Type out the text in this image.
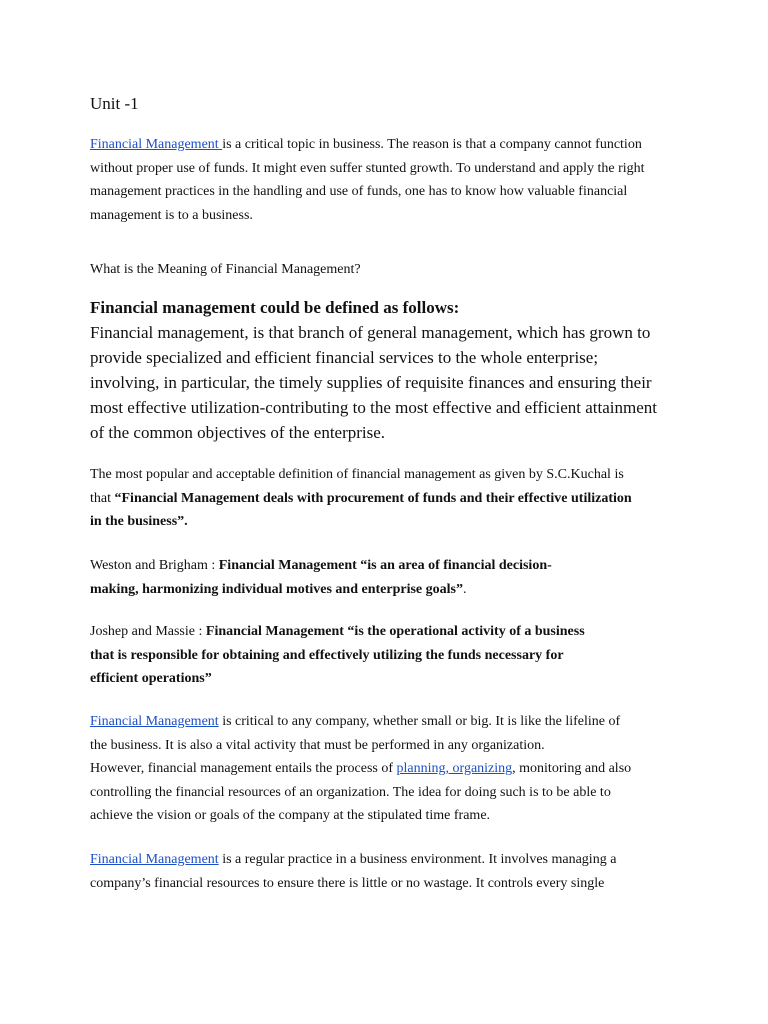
Unit -1
Financial Management is a critical topic in business. The reason is that a company cannot function without proper use of funds. It might even suffer stunted growth. To understand and apply the right management practices in the handling and use of funds, one has to know how valuable financial management is to a business.
What is the Meaning of Financial Management?
Financial management could be defined as follows:
Financial management, is that branch of general management, which has grown to
provide specialized and efficient financial services to the whole enterprise;
involving, in particular, the timely supplies of requisite finances and ensuring their
most effective utilization-contributing to the most effective and efficient attainment
of the common objectives of the enterprise.
The most popular and acceptable definition of financial management as given by S.C.Kuchal is
that “Financial Management deals with procurement of funds and their effective utilization
in the business”.
Weston and Brigham : Financial Management “is an area of financial decision-
making, harmonizing individual motives and enterprise goals”.
Joshep and Massie : Financial Management “is the operational activity of a business
that is responsible for obtaining and effectively utilizing the funds necessary for
efficient operations”
Financial Management is critical to any company, whether small or big. It is like the lifeline of
the business. It is also a vital activity that must be performed in any organization.
However, financial management entails the process of planning, organizing, monitoring and also
controlling the financial resources of an organization. The idea for doing such is to be able to
achieve the vision or goals of the company at the stipulated time frame.
Financial Management is a regular practice in a business environment. It involves managing a
company’s financial resources to ensure there is little or no wastage. It controls every single
